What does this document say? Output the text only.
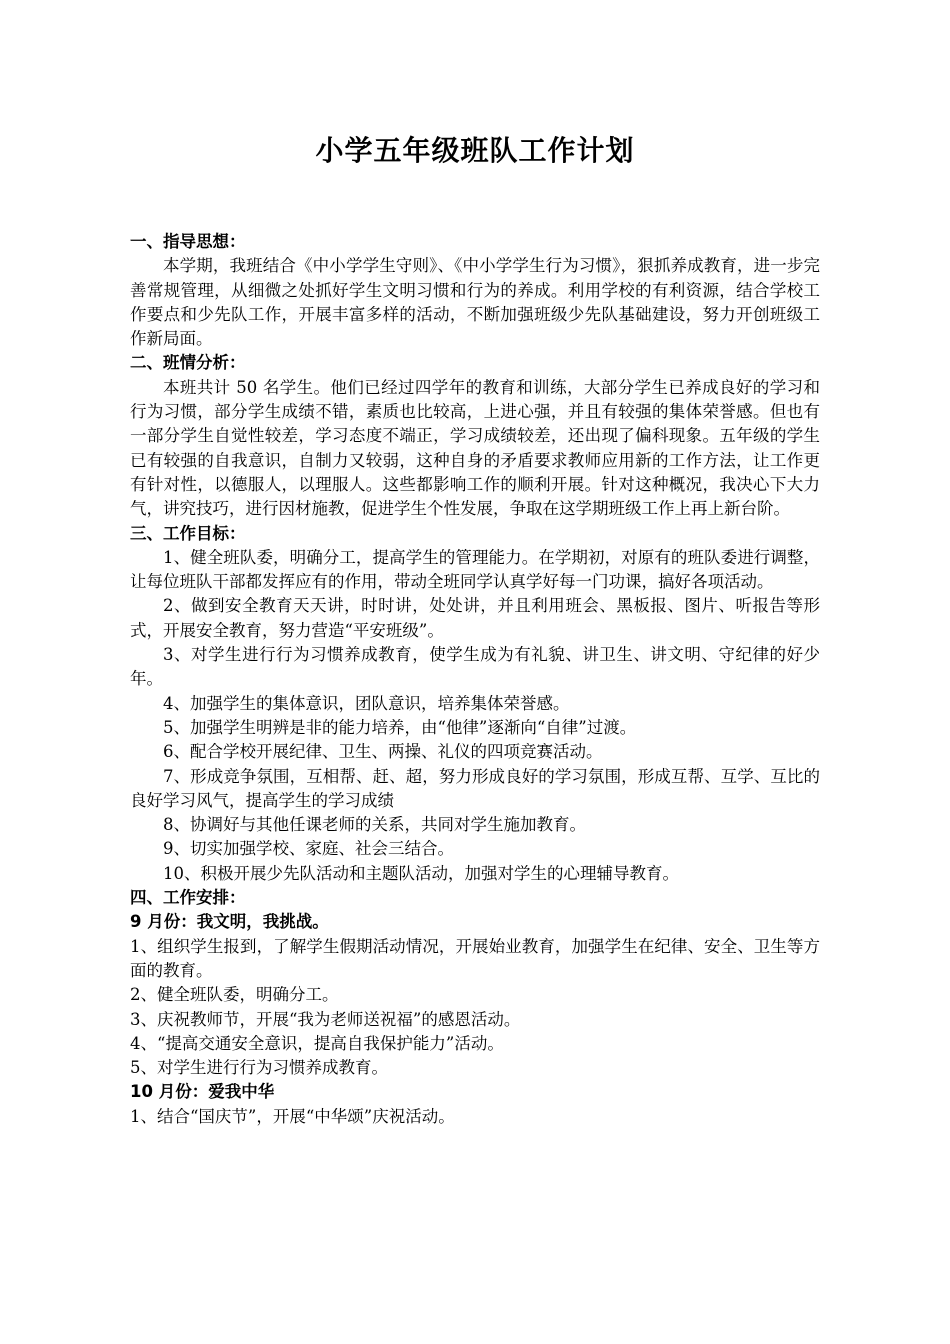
小学五年级班队工作计划

一、指导思想：

本学期，我班结合《中小学学生守则》、《中小学学生行为习惯》，狠抓养成教育，进一步完善常规管理，从细微之处抓好学生文明习惯和行为的养成。利用学校的有利资源，结合学校工作要点和少先队工作，开展丰富多样的活动，不断加强班级少先队基础建设，努力开创班级工作新局面。

二、班情分析：

本班共计 50 名学生。他们已经过四学年的教育和训练，大部分学生已养成良好的学习和行为习惯，部分学生成绩不错，素质也比较高，上进心强，并且有较强的集体荣誉感。但也有一部分学生自觉性较差，学习态度不端正，学习成绩较差，还出现了偏科现象。五年级的学生已有较强的自我意识，自制力又较弱，这种自身的矛盾要求教师应用新的工作方法，让工作更有针对性，以德服人，以理服人。这些都影响工作的顺利开展。针对这种概况，我决心下大力气，讲究技巧，进行因材施教，促进学生个性发展，争取在这学期班级工作上再上新台阶。

三、工作目标：

1、健全班队委，明确分工，提高学生的管理能力。在学期初，对原有的班队委进行调整，让每位班队干部都发挥应有的作用，带动全班同学认真学好每一门功课，搞好各项活动。

2、做到安全教育天天讲，时时讲，处处讲，并且利用班会、黑板报、图片、听报告等形式，开展安全教育，努力营造“平安班级”。

3、对学生进行行为习惯养成教育，使学生成为有礼貌、讲卫生、讲文明、守纪律的好少年。

4、加强学生的集体意识，团队意识，培养集体荣誉感。

5、加强学生明辨是非的能力培养，由“他律”逐渐向“自律”过渡。

6、配合学校开展纪律、卫生、两操、礼仪的四项竞赛活动。

7、形成竞争氛围，互相帮、赶、超，努力形成良好的学习氛围，形成互帮、互学、互比的良好学习风气，提高学生的学习成绩

8、协调好与其他任课老师的关系，共同对学生施加教育。

9、切实加强学校、家庭、社会三结合。

10、积极开展少先队活动和主题队活动，加强对学生的心理辅导教育。

四、工作安排：

9 月份：我文明，我挑战。

1、组织学生报到，了解学生假期活动情况，开展始业教育，加强学生在纪律、安全、卫生等方面的教育。

2、健全班队委，明确分工。

3、庆祝教师节，开展“我为老师送祝福”的感恩活动。

4、“提高交通安全意识，提高自我保护能力”活动。

5、对学生进行行为习惯养成教育。

10 月份：爱我中华

1、结合“国庆节”，开展“中华颂”庆祝活动。
